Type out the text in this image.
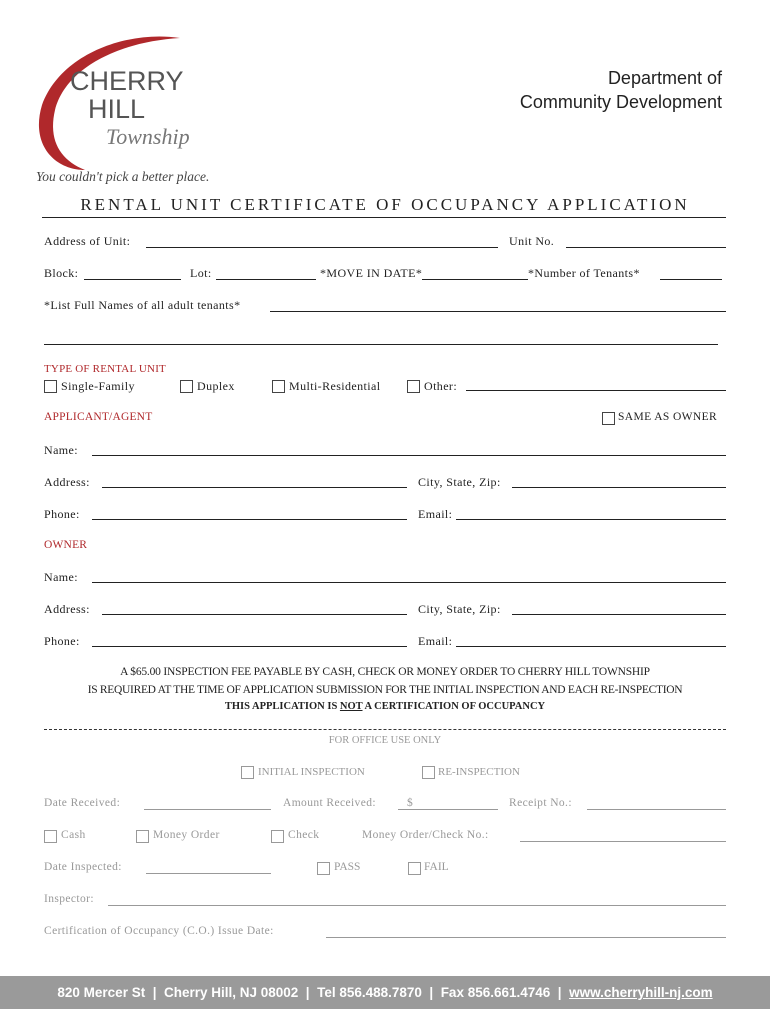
CHERRY
HILL
Township
You couldn't pick a better place.
Department of
Community Development
RENTAL UNIT CERTIFICATE OF OCCUPANCY APPLICATION
Address of Unit:	Unit No.
Block:	Lot:	*MOVE IN DATE*	*Number of Tenants*
*List Full Names of all adult tenants*
TYPE OF RENTAL UNIT
Single-Family	Duplex	Multi-Residential	Other:
APPLICANT/AGENT	SAME AS OWNER
Name:
Address:	City, State, Zip:
Phone:	Email:
OWNER
Name:
Address:	City, State, Zip:
Phone:	Email:
A $65.00 INSPECTION FEE PAYABLE BY CASH, CHECK OR MONEY ORDER TO CHERRY HILL TOWNSHIP
IS REQUIRED AT THE TIME OF APPLICATION SUBMISSION FOR THE INITIAL INSPECTION AND EACH RE-INSPECTION
THIS APPLICATION IS NOT A CERTIFICATION OF OCCUPANCY
FOR OFFICE USE ONLY
INITIAL INSPECTION	RE-INSPECTION
Date Received:	Amount Received:	$	Receipt No.:
Cash	Money Order	Check	Money Order/Check No.:
Date Inspected:	PASS	FAIL
Inspector:
Certification of Occupancy (C.O.) Issue Date:
820 Mercer St  |  Cherry Hill, NJ 08002  |  Tel 856.488.7870  |  Fax 856.661.4746  |  www.cherryhill-nj.com
